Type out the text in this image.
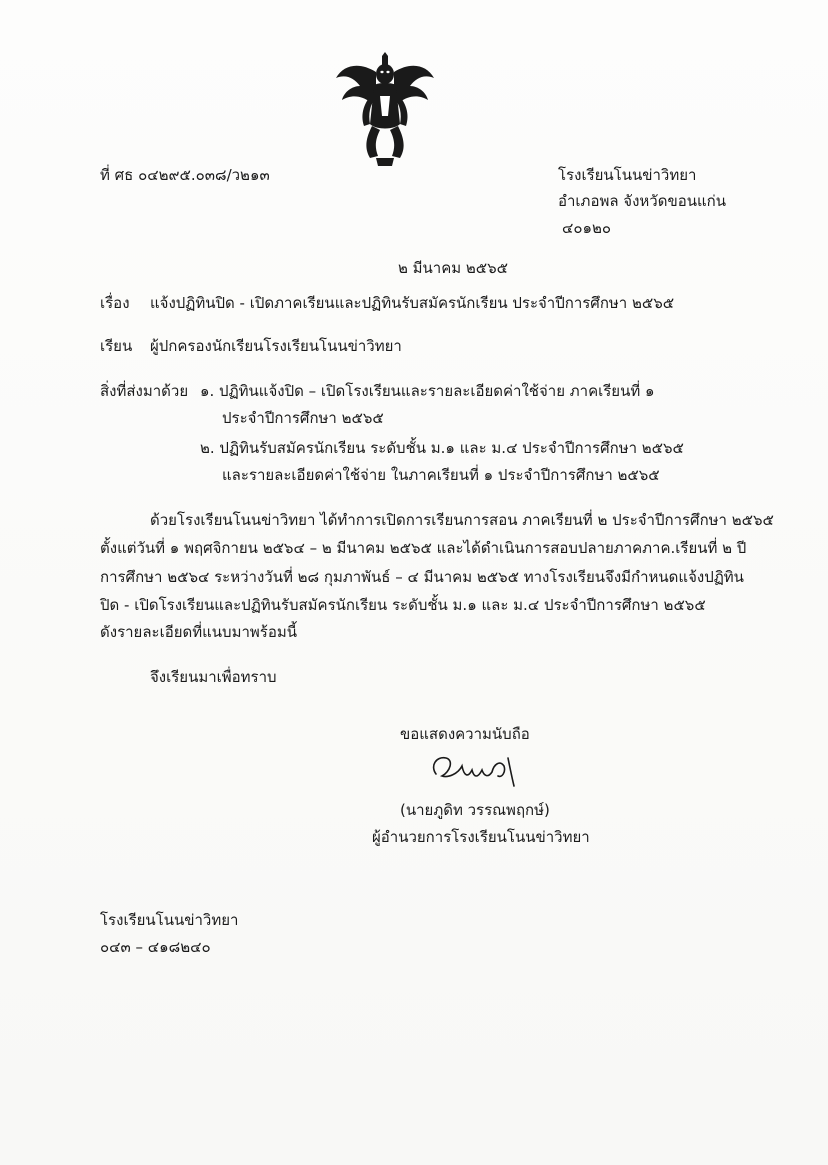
ที่ ศธ ๐๔๒๙๕.๐๓๘/ว๒๑๓	โรงเรียนโนนข่าวิทยา
อำเภอพล จังหวัดขอนแก่น
๔๐๑๒๐
๒ มีนาคม ๒๕๖๕
เรื่อง แจ้งปฏิทินปิด - เปิดภาคเรียนและปฏิทินรับสมัครนักเรียน ประจำปีการศึกษา ๒๕๖๕
เรียน ผู้ปกครองนักเรียนโรงเรียนโนนข่าวิทยา
สิ่งที่ส่งมาด้วย ๑. ปฏิทินแจ้งปิด – เปิดโรงเรียนและรายละเอียดค่าใช้จ่าย ภาคเรียนที่ ๑
ประจำปีการศึกษา ๒๕๖๕
๒. ปฏิทินรับสมัครนักเรียน ระดับชั้น ม.๑ และ ม.๔ ประจำปีการศึกษา ๒๕๖๕
และรายละเอียดค่าใช้จ่าย ในภาคเรียนที่ ๑ ประจำปีการศึกษา ๒๕๖๕
ด้วยโรงเรียนโนนข่าวิทยา ได้ทำการเปิดการเรียนการสอน ภาคเรียนที่ ๒ ประจำปีการศึกษา ๒๕๖๕
ตั้งแต่วันที่ ๑ พฤศจิกายน ๒๕๖๔ – ๒ มีนาคม ๒๕๖๕ และได้ดำเนินการสอบปลายภาคภาค.เรียนที่ ๒ ปี
การศึกษา ๒๕๖๔ ระหว่างวันที่ ๒๘ กุมภาพันธ์ – ๔ มีนาคม ๒๕๖๕ ทางโรงเรียนจึงมีกำหนดแจ้งปฏิทิน
ปิด - เปิดโรงเรียนและปฏิทินรับสมัครนักเรียน ระดับชั้น ม.๑ และ ม.๔ ประจำปีการศึกษา ๒๕๖๕
ดังรายละเอียดที่แนบมาพร้อมนี้
จึงเรียนมาเพื่อทราบ
ขอแสดงความนับถือ
(นายภูดิท วรรณพฤกษ์)
ผู้อำนวยการโรงเรียนโนนข่าวิทยา
โรงเรียนโนนข่าวิทยา
๐๔๓ – ๔๑๘๒๔๐
